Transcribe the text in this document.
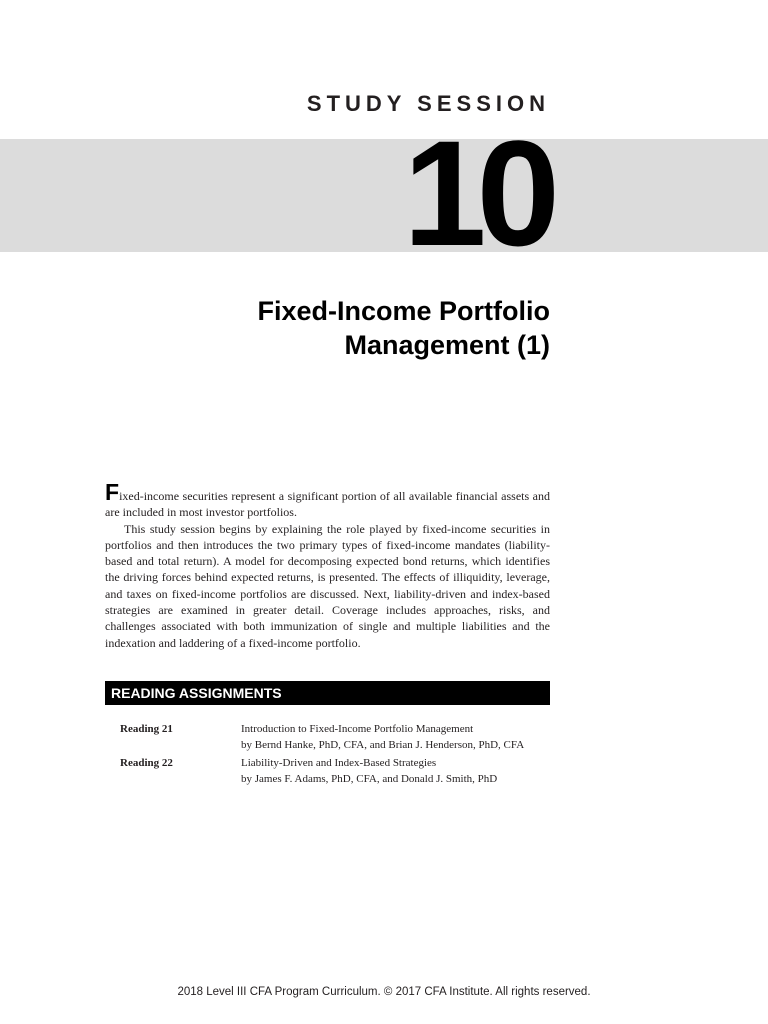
STUDY SESSION
10
Fixed-Income Portfolio
Management (1)

Fixed-income securities represent a significant portion of all available financial assets and are included in most investor portfolios.

This study session begins by explaining the role played by fixed-income securities in portfolios and then introduces the two primary types of fixed-income mandates (liability-based and total return). A model for decomposing expected bond returns, which identifies the driving forces behind expected returns, is presented. The effects of illiquidity, leverage, and taxes on fixed-income portfolios are discussed. Next, liability-driven and index-based strategies are examined in greater detail. Coverage includes approaches, risks, and challenges associated with both immunization of single and multiple liabilities and the indexation and laddering of a fixed-income portfolio.

READING ASSIGNMENTS
Reading 21	Introduction to Fixed-Income Portfolio Management
by Bernd Hanke, PhD, CFA, and Brian J. Henderson, PhD, CFA
Reading 22	Liability-Driven and Index-Based Strategies
by James F. Adams, PhD, CFA, and Donald J. Smith, PhD
2018 Level III CFA Program Curriculum. © 2017 CFA Institute. All rights reserved.
